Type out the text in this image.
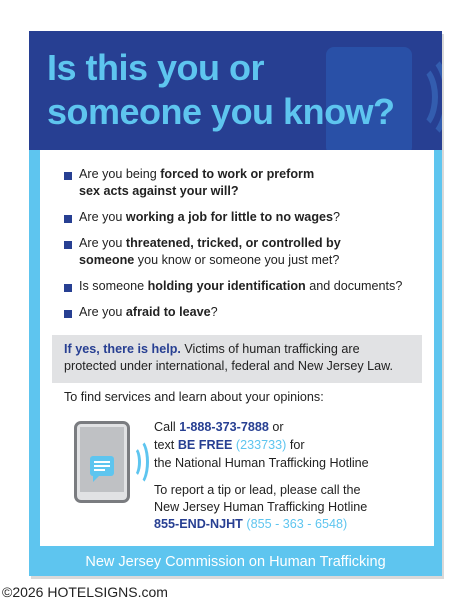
Is this you or
someone you know?
Are you being forced to work or preform
sex acts against your will?
Are you working a job for little to no wages?
Are you threatened, tricked, or controlled by
someone you know or someone you just met?
Is someone holding your identification and documents?
Are you afraid to leave?
If yes, there is help. Victims of human trafficking are
protected under international, federal and New Jersey Law.
To find services and learn about your opinions:
Call 1-888-373-7888 or
text BE FREE (233733) for
the National Human Trafficking Hotline
To report a tip or lead, please call the
New Jersey Human Trafficking Hotline
855-END-NJHT (855 - 363 - 6548)
New Jersey Commission on Human Trafficking
©2026 HOTELSIGNS.com
